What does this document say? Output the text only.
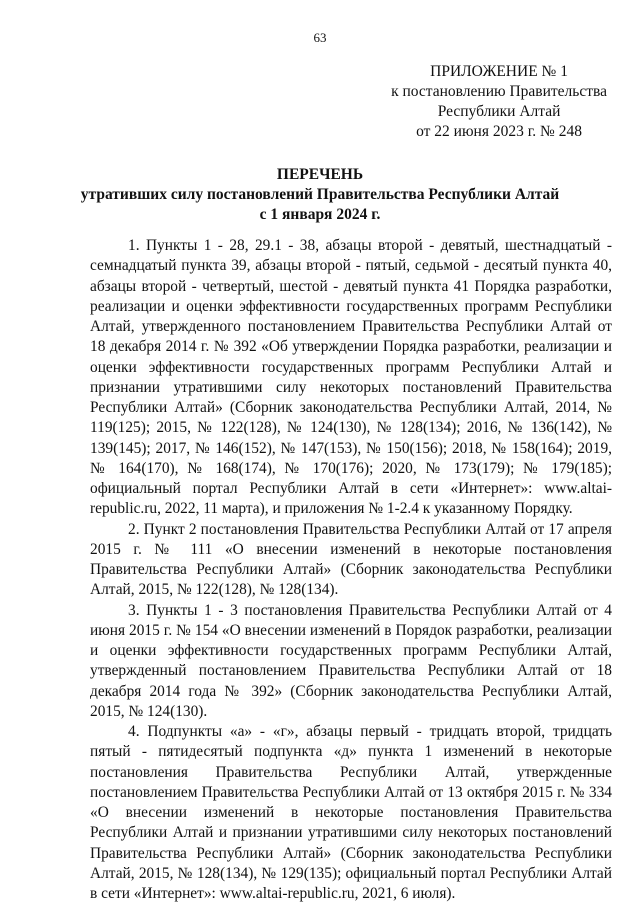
63
ПРИЛОЖЕНИЕ № 1
к постановлению Правительства
Республики Алтай
от 22 июня 2023 г. № 248
ПЕРЕЧЕНЬ
утративших силу постановлений Правительства Республики Алтай
с 1 января 2024 г.

1. Пункты 1 - 28, 29.1 - 38, абзацы второй - девятый, шестнадцатый - семнадцатый пункта 39, абзацы второй - пятый, седьмой - десятый пункта 40, абзацы второй - четвертый, шестой - девятый пункта 41 Порядка разработки, реализации и оценки эффективности государственных программ Республики Алтай, утвержденного постановлением Правительства Республики Алтай от 18 декабря 2014 г. № 392 «Об утверждении Порядка разработки, реализации и оценки эффективности государственных программ Республики Алтай и признании утратившими силу некоторых постановлений Правительства Республики Алтай» (Сборник законодательства Республики Алтай, 2014, № 119(125); 2015, № 122(128), № 124(130), № 128(134); 2016, № 136(142), № 139(145); 2017, № 146(152), № 147(153), № 150(156); 2018, № 158(164); 2019, № 164(170), № 168(174), № 170(176); 2020, № 173(179); № 179(185); официальный портал Республики Алтай в сети «Интернет»: www.altai-republic.ru, 2022, 11 марта), и приложения № 1-2.4 к указанному Порядку.

2. Пункт 2 постановления Правительства Республики Алтай от 17 апреля 2015 г. № 111 «О внесении изменений в некоторые постановления Правительства Республики Алтай» (Сборник законодательства Республики Алтай, 2015, № 122(128), № 128(134).

3. Пункты 1 - 3 постановления Правительства Республики Алтай от 4 июня 2015 г. № 154 «О внесении изменений в Порядок разработки, реализации и оценки эффективности государственных программ Республики Алтай, утвержденный постановлением Правительства Республики Алтай от 18 декабря 2014 года № 392» (Сборник законодательства Республики Алтай, 2015, № 124(130).

4. Подпункты «а» - «г», абзацы первый - тридцать второй, тридцать пятый - пятидесятый подпункта «д» пункта 1 изменений в некоторые постановления Правительства Республики Алтай, утвержденные постановлением Правительства Республики Алтай от 13 октября 2015 г. № 334 «О внесении изменений в некоторые постановления Правительства Республики Алтай и признании утратившими силу некоторых постановлений Правительства Республики Алтай» (Сборник законодательства Республики Алтай, 2015, № 128(134), № 129(135); официальный портал Республики Алтай в сети «Интернет»: www.altai-republic.ru, 2021, 6 июля).
